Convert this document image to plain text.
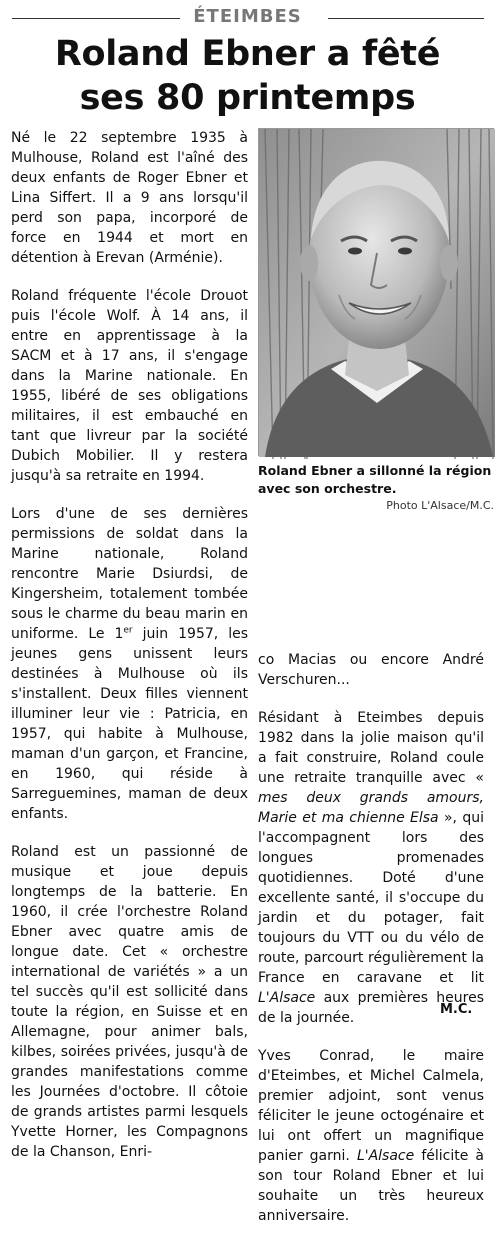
ÉTEIMBES
Roland Ebner a fêté
ses 80 printemps

Né le 22 septembre 1935 à Mulhouse, Roland est l'aîné des deux enfants de Roger Ebner et Lina Siffert. Il a 9 ans lorsqu'il perd son papa, incorporé de force en 1944 et mort en détention à Erevan (Arménie).

Roland fréquente l'école Drouot puis l'école Wolf. À 14 ans, il entre en apprentissage à la SACM et à 17 ans, il s'engage dans la Marine nationale. En 1955, libéré de ses obligations militaires, il est embauché en tant que livreur par la société Dubich Mobilier. Il y restera jusqu'à sa retraite en 1994.

Lors d'une de ses dernières permissions de soldat dans la Marine nationale, Roland rencontre Marie Dsiurdsi, de Kingersheim, totalement tombée sous le charme du beau marin en uniforme. Le 1er juin 1957, les jeunes gens unissent leurs destinées à Mulhouse où ils s'installent. Deux filles viennent illuminer leur vie : Patricia, en 1957, qui habite à Mulhouse, maman d'un garçon, et Francine, en 1960, qui réside à Sarreguemines, maman de deux enfants.

Roland est un passionné de musique et joue depuis longtemps de la batterie. En 1960, il crée l'orchestre Roland Ebner avec quatre amis de longue date. Cet « orchestre international de variétés » a un tel succès qu'il est sollicité dans toute la région, en Suisse et en Allemagne, pour animer bals, kilbes, soirées privées, jusqu'à de grandes manifestations comme les Journées d'octobre. Il côtoie de grands artistes parmi lesquels Yvette Horner, les Compagnons de la Chanson, Enri-

Roland Ebner a sillonné la région avec son orchestre.
Photo L'Alsace/M.C.

co Macias ou encore André Verschuren...

Résidant à Eteimbes depuis 1982 dans la jolie maison qu'il a fait construire, Roland coule une retraite tranquille avec « mes deux grands amours, Marie et ma chienne Elsa », qui l'accompagnent lors des longues promenades quotidiennes. Doté d'une excellente santé, il s'occupe du jardin et du potager, fait toujours du VTT ou du vélo de route, parcourt régulièrement la France en caravane et lit L'Alsace aux premières heures de la journée.

Yves Conrad, le maire d'Eteimbes, et Michel Calmela, premier adjoint, sont venus féliciter le jeune octogénaire et lui ont offert un magnifique panier garni. L'Alsace félicite à son tour Roland Ebner et lui souhaite un très heureux anniversaire.

M.C.
